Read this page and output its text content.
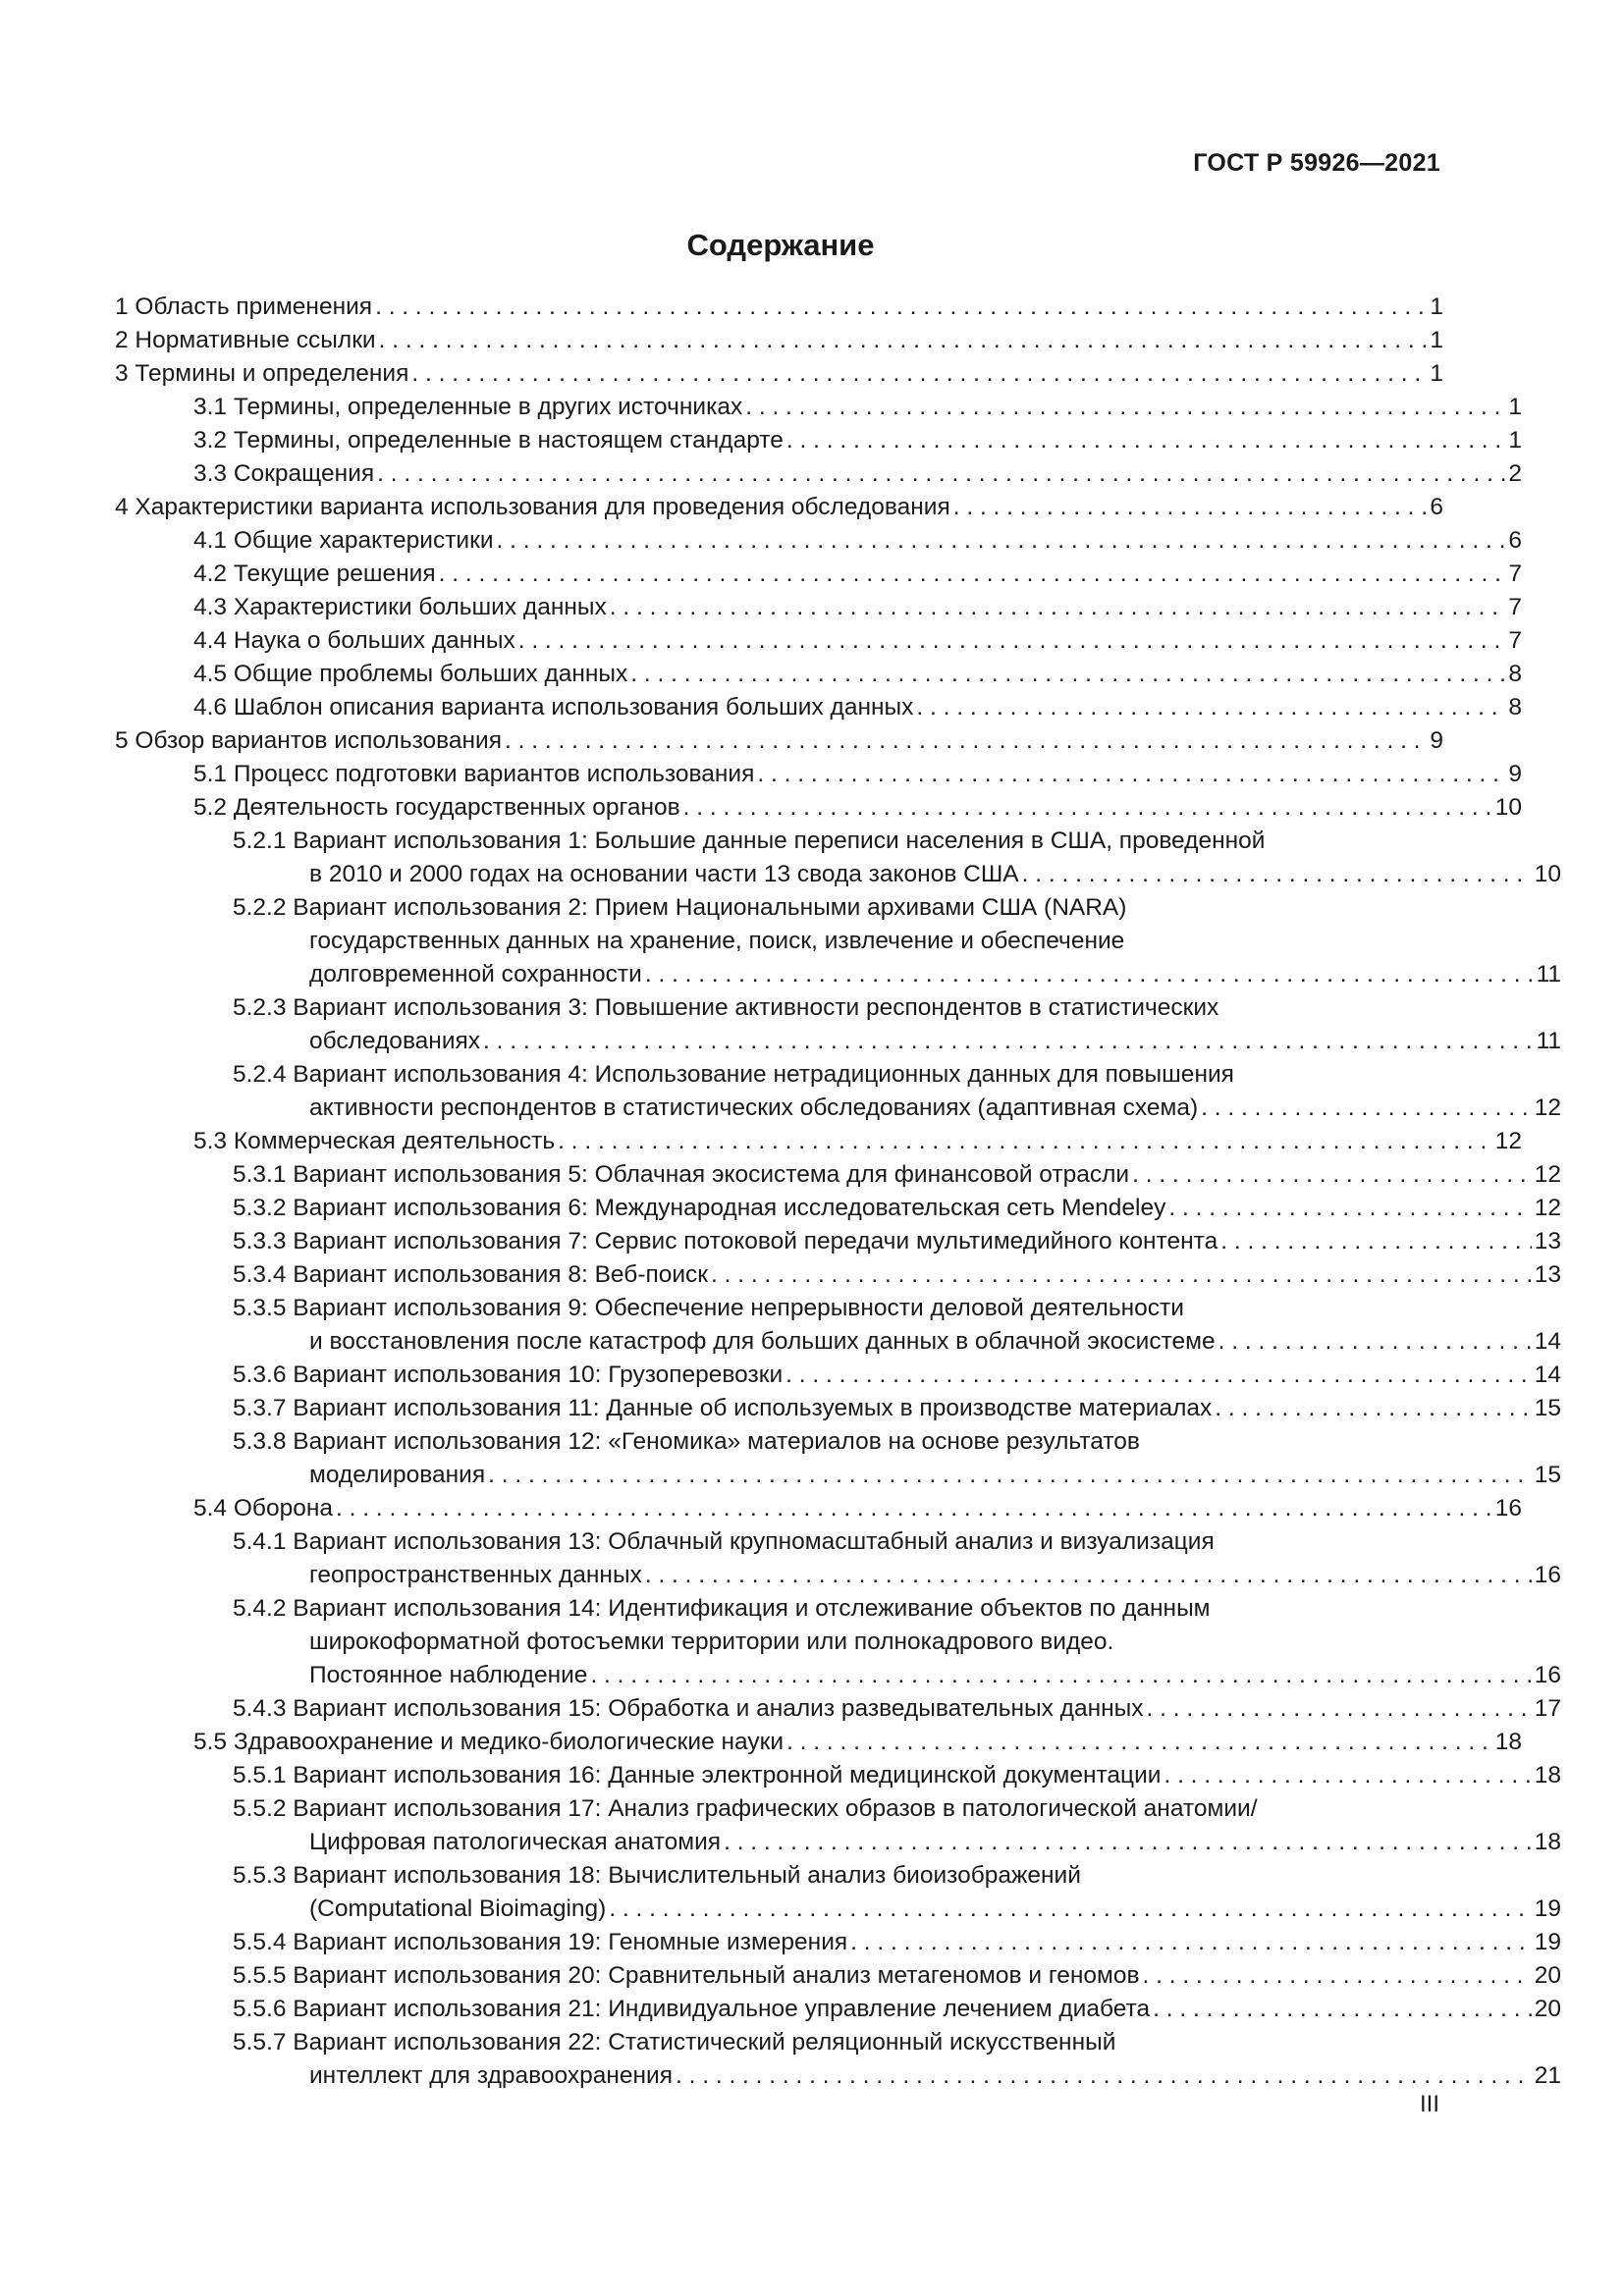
ГОСТ Р 59926—2021
Содержание
1 Область применения . . .	1
2 Нормативные ссылки . . .	1
3 Термины и определения . . .	1
3.1 Термины, определенные в других источниках . . .	1
3.2 Термины, определенные в настоящем стандарте . . .	1
3.3 Сокращения . . .	2
4 Характеристики варианта использования для проведения обследования . . .	6
4.1 Общие характеристики . . .	6
4.2 Текущие решения . . .	7
4.3 Характеристики больших данных . . .	7
4.4 Наука о больших данных . . .	7
4.5 Общие проблемы больших данных . . .	8
4.6 Шаблон описания варианта использования больших данных . . .	8
5 Обзор вариантов использования . . .	9
5.1 Процесс подготовки вариантов использования . . .	9
5.2 Деятельность государственных органов . . .	10
5.2.1 Вариант использования 1: Большие данные переписи населения в США, проведенной
в 2010 и 2000 годах на основании части 13 свода законов США . . .	10
5.2.2 Вариант использования 2: Прием Национальными архивами США (NARA)
государственных данных на хранение, поиск, извлечение и обеспечение
долговременной сохранности . . .	11
5.2.3 Вариант использования 3: Повышение активности респондентов в статистических
обследованиях . . .	11
5.2.4 Вариант использования 4: Использование нетрадиционных данных для повышения
активности респондентов в статистических обследованиях (адаптивная схема) . . .	12
5.3 Коммерческая деятельность . . .	12
5.3.1 Вариант использования 5: Облачная экосистема для финансовой отрасли . . .	12
5.3.2 Вариант использования 6: Международная исследовательская сеть Mendeley . . .	12
5.3.3 Вариант использования 7: Сервис потоковой передачи мультимедийного контента . . .	13
5.3.4 Вариант использования 8: Веб-поиск . . .	13
5.3.5 Вариант использования 9: Обеспечение непрерывности деловой деятельности
и восстановления после катастроф для больших данных в облачной экосистеме . . .	14
5.3.6 Вариант использования 10: Грузоперевозки . . .	14
5.3.7 Вариант использования 11: Данные об используемых в производстве материалах . . .	15
5.3.8 Вариант использования 12: «Геномика» материалов на основе результатов
моделирования . . .	15
5.4 Оборона . . .	16
5.4.1 Вариант использования 13: Облачный крупномасштабный анализ и визуализация
геопространственных данных . . .	16
5.4.2 Вариант использования 14: Идентификация и отслеживание объектов по данным
широкоформатной фотосъемки территории или полнокадрового видео.
Постоянное наблюдение . . .	16
5.4.3 Вариант использования 15: Обработка и анализ разведывательных данных . . .	17
5.5 Здравоохранение и медико-биологические науки . . .	18
5.5.1 Вариант использования 16: Данные электронной медицинской документации . . .	18
5.5.2 Вариант использования 17: Анализ графических образов в патологической анатомии/
Цифровая патологическая анатомия . . .	18
5.5.3 Вариант использования 18: Вычислительный анализ биоизображений
(Computational Bioimaging) . . .	19
5.5.4 Вариант использования 19: Геномные измерения . . .	19
5.5.5 Вариант использования 20: Сравнительный анализ метагеномов и геномов . . .	20
5.5.6 Вариант использования 21: Индивидуальное управление лечением диабета . . .	20
5.5.7 Вариант использования 22: Статистический реляционный искусственный
интеллект для здравоохранения . . .	21
III
